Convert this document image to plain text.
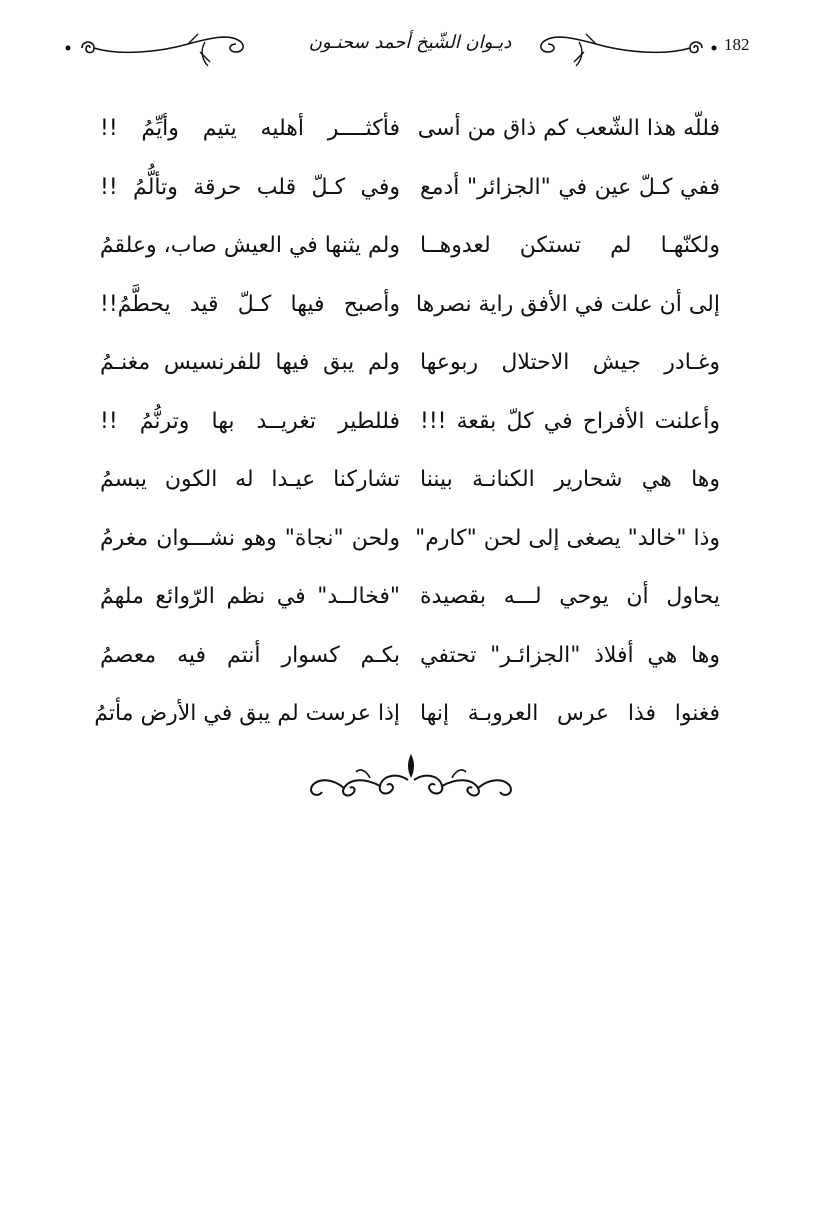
182
ديـوان الشّيخ أحمد سحنـون
فللّه هذا الشّعب كم ذاق من أسى
فأكثــــر أهليه يتيم وأيِّمُ !!
ففي كـلّ عين في "الجزائر" أدمع
وفي كـلّ قلب حرقة وتألُّمُ !!
ولكنّهـا لم تستكن لعدوهــا
ولم يثنها في العيش صاب، وعلقمُ
إلى أن علت في الأفق راية نصرها
وأصبح فيها كـلّ قيد يحطَّمُ!!
وغـادر جيش الاحتلال ربوعها
ولم يبق فيها للفرنسيس مغنـمُ
وأعلنت الأفراح في كلّ بقعة !!!
فللطير تغريــد بها وترنُّمُ !!
وها هي شحارير الكنانـة بيننا
تشاركنا عيـدا له الكون يبسمُ
وذا "خالد" يصغى إلى لحن "كارم"
ولحن "نجاة" وهو نشـــوان مغرمُ
يحاول أن يوحي لـــه بقصيدة
"فخالــد" في نظم الرّوائع ملهمُ
وها هي أفلاذ "الجزائـر" تحتفي
بكـم كسوار أنتم فيه معصمُ
فغنوا فذا عرس العروبـة إنها
إذا عرست لم يبق في الأرض مأتمُ
